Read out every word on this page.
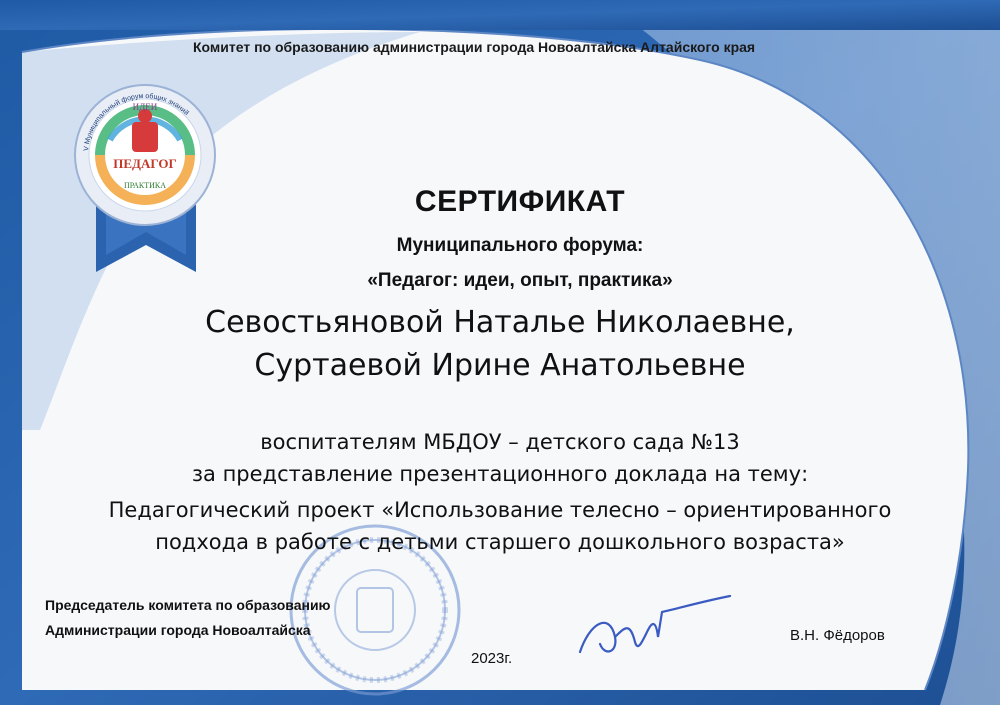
ИДЕИ
ПЕДАГОГ
ПРАКТИКА
V Муниципальный форум общих знаний
Комитет по образованию администрации города Новоалтайска Алтайского края
СЕРТИФИКАТ
Муниципального форума:
«Педагог: идеи, опыт, практика»
Севостьяновой Наталье Николаевне,
Суртаевой Ирине Анатольевне
воспитателям МБДОУ – детского сада №13
за представление презентационного доклада на тему:
Педагогический проект «Использование телесно – ориентированного
подхода в работе с детьми старшего дошкольного возраста»
Председатель комитета по образованию
Администрации города Новоалтайска
2023г.
В.Н. Фёдоров
